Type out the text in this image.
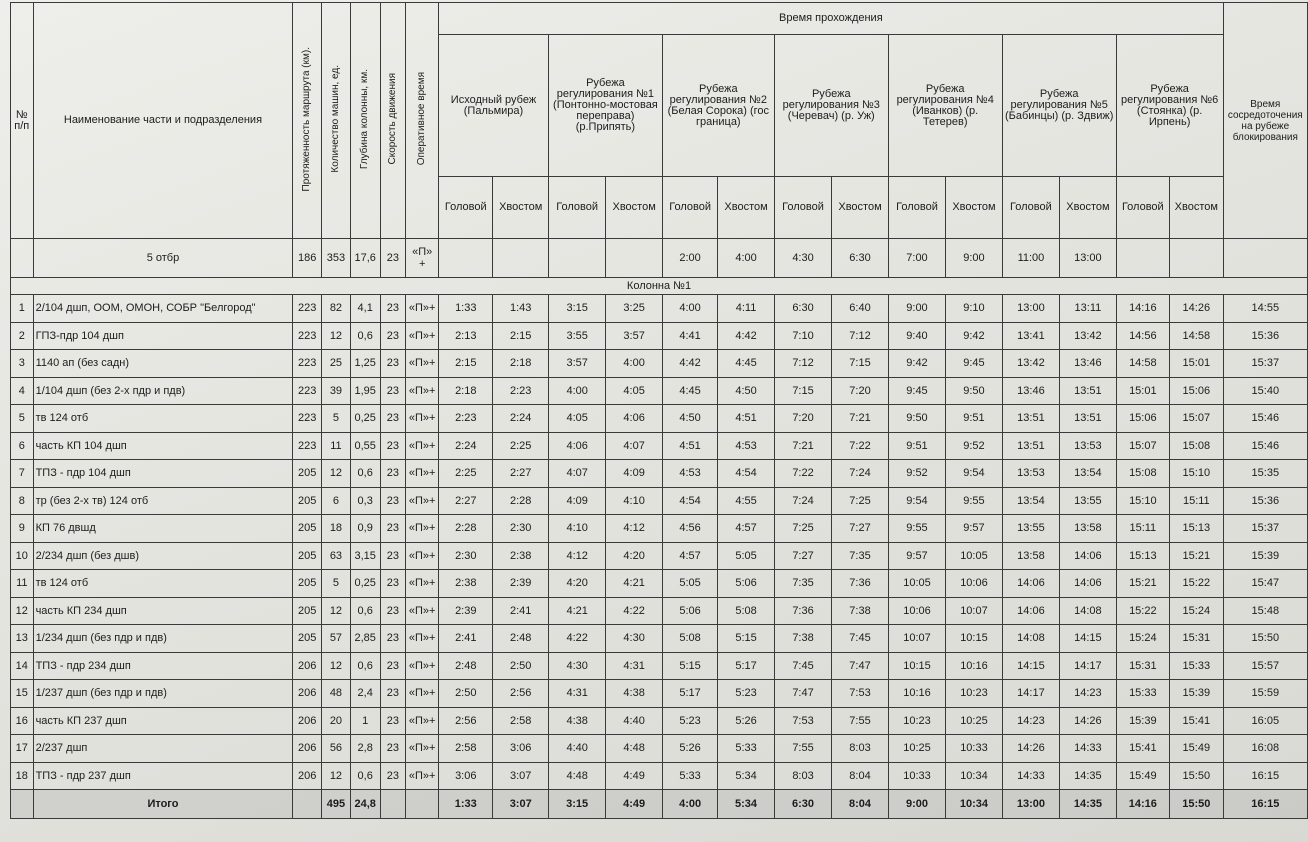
№ п/п	Наименование части и подразделения	Протяженность маршрута (км).	Количество машин, ед.	Глубина колонны, км.	Скорость движения	Оперативное время	Время прохождения														Время сосредоточения на рубеже блокирования
							Исходный рубеж (Пальмира)		Рубежа регулирования №1 (Понтонно-мостовая переправа) (р.Припять)		Рубежа регулирования №2 (Белая Сорока) (гос граница)		Рубежа регулирования №3 (Черевач) (р. Уж)		Рубежа регулирования №4 (Иванков) (р. Тетерев)		Рубежа регулирования №5 (Бабинцы) (р. Здвиж)		Рубежа регулирования №6 (Стоянка) (р. Ирпень)		
							Головой	Хвостом	Головой	Хвостом	Головой	Хвостом	Головой	Хвостом	Головой	Хвостом	Головой	Хвостом	Головой	Хвостом	
	5 отбр	186	353	17,6	23	«П» +					2:00	4:00	4:30	6:30	7:00	9:00	11:00	13:00			
Колонна №1																					
1	2/104 дшп, ООМ, ОМОН, СОБР "Белгород"	223	82	4,1	23	«П»+	1:33	1:43	3:15	3:25	4:00	4:11	6:30	6:40	9:00	9:10	13:00	13:11	14:16	14:26	14:55
2	ГПЗ-пдр 104 дшп	223	12	0,6	23	«П»+	2:13	2:15	3:55	3:57	4:41	4:42	7:10	7:12	9:40	9:42	13:41	13:42	14:56	14:58	15:36
3	1140 ап (без садн)	223	25	1,25	23	«П»+	2:15	2:18	3:57	4:00	4:42	4:45	7:12	7:15	9:42	9:45	13:42	13:46	14:58	15:01	15:37
4	1/104 дшп (без 2-х пдр и пдв)	223	39	1,95	23	«П»+	2:18	2:23	4:00	4:05	4:45	4:50	7:15	7:20	9:45	9:50	13:46	13:51	15:01	15:06	15:40
5	тв 124 отб	223	5	0,25	23	«П»+	2:23	2:24	4:05	4:06	4:50	4:51	7:20	7:21	9:50	9:51	13:51	13:51	15:06	15:07	15:46
6	часть КП 104 дшп	223	11	0,55	23	«П»+	2:24	2:25	4:06	4:07	4:51	4:53	7:21	7:22	9:51	9:52	13:51	13:53	15:07	15:08	15:46
7	ТПЗ - пдр 104 дшп	205	12	0,6	23	«П»+	2:25	2:27	4:07	4:09	4:53	4:54	7:22	7:24	9:52	9:54	13:53	13:54	15:08	15:10	15:35
8	тр (без 2-х тв) 124 отб	205	6	0,3	23	«П»+	2:27	2:28	4:09	4:10	4:54	4:55	7:24	7:25	9:54	9:55	13:54	13:55	15:10	15:11	15:36
9	КП 76 двшд	205	18	0,9	23	«П»+	2:28	2:30	4:10	4:12	4:56	4:57	7:25	7:27	9:55	9:57	13:55	13:58	15:11	15:13	15:37
10	2/234 дшп (без дшв)	205	63	3,15	23	«П»+	2:30	2:38	4:12	4:20	4:57	5:05	7:27	7:35	9:57	10:05	13:58	14:06	15:13	15:21	15:39
11	тв 124 отб	205	5	0,25	23	«П»+	2:38	2:39	4:20	4:21	5:05	5:06	7:35	7:36	10:05	10:06	14:06	14:06	15:21	15:22	15:47
12	часть КП 234 дшп	205	12	0,6	23	«П»+	2:39	2:41	4:21	4:22	5:06	5:08	7:36	7:38	10:06	10:07	14:06	14:08	15:22	15:24	15:48
13	1/234 дшп (без пдр и пдв)	205	57	2,85	23	«П»+	2:41	2:48	4:22	4:30	5:08	5:15	7:38	7:45	10:07	10:15	14:08	14:15	15:24	15:31	15:50
14	ТПЗ - пдр 234 дшп	206	12	0,6	23	«П»+	2:48	2:50	4:30	4:31	5:15	5:17	7:45	7:47	10:15	10:16	14:15	14:17	15:31	15:33	15:57
15	1/237 дшп (без пдр и пдв)	206	48	2,4	23	«П»+	2:50	2:56	4:31	4:38	5:17	5:23	7:47	7:53	10:16	10:23	14:17	14:23	15:33	15:39	15:59
16	часть КП 237 дшп	206	20	1	23	«П»+	2:56	2:58	4:38	4:40	5:23	5:26	7:53	7:55	10:23	10:25	14:23	14:26	15:39	15:41	16:05
17	2/237 дшп	206	56	2,8	23	«П»+	2:58	3:06	4:40	4:48	5:26	5:33	7:55	8:03	10:25	10:33	14:26	14:33	15:41	15:49	16:08
18	ТПЗ - пдр 237 дшп	206	12	0,6	23	«П»+	3:06	3:07	4:48	4:49	5:33	5:34	8:03	8:04	10:33	10:34	14:33	14:35	15:49	15:50	16:15
	Итого		495	24,8			1:33	3:07	3:15	4:49	4:00	5:34	6:30	8:04	9:00	10:34	13:00	14:35	14:16	15:50	16:15
